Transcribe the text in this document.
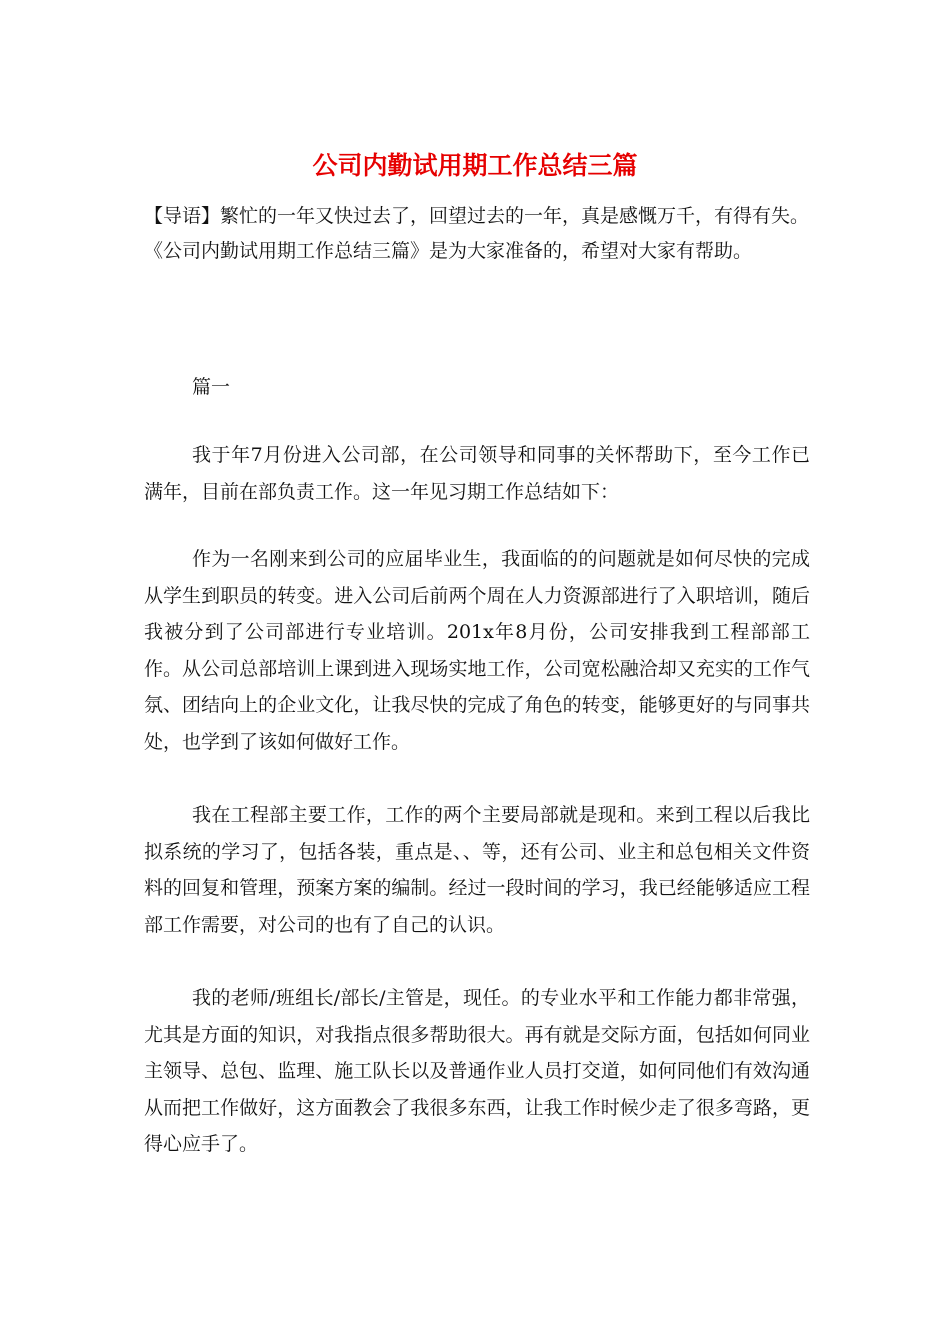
公司内勤试用期工作总结三篇

【导语】繁忙的一年又快过去了，回望过去的一年，真是感慨万千，有得有失。

《公司内勤试用期工作总结三篇》是为大家准备的，希望对大家有帮助。

篇一

我于年7月份进入公司部，在公司领导和同事的关怀帮助下，至今工作已满年，目前在部负责工作。这一年见习期工作总结如下：

作为一名刚来到公司的应届毕业生，我面临的的问题就是如何尽快的完成从学生到职员的转变。进入公司后前两个周在人力资源部进行了入职培训，随后我被分到了公司部进行专业培训。201x年8月份，公司安排我到工程部部工作。从公司总部培训上课到进入现场实地工作，公司宽松融洽却又充实的工作气氛、团结向上的企业文化，让我尽快的完成了角色的转变，能够更好的与同事共处，也学到了该如何做好工作。

我在工程部主要工作，工作的两个主要局部就是现和。来到工程以后我比拟系统的学习了，包括各装，重点是、、等，还有公司、业主和总包相关文件资料的回复和管理，预案方案的编制。经过一段时间的学习，我已经能够适应工程部工作需要，对公司的也有了自己的认识。

我的老师/班组长/部长/主管是，现任。的专业水平和工作能力都非常强，尤其是方面的知识，对我指点很多帮助很大。再有就是交际方面，包括如何同业主领导、总包、监理、施工队长以及普通作业人员打交道，如何同他们有效沟通从而把工作做好，这方面教会了我很多东西，让我工作时候少走了很多弯路，更得心应手了。
